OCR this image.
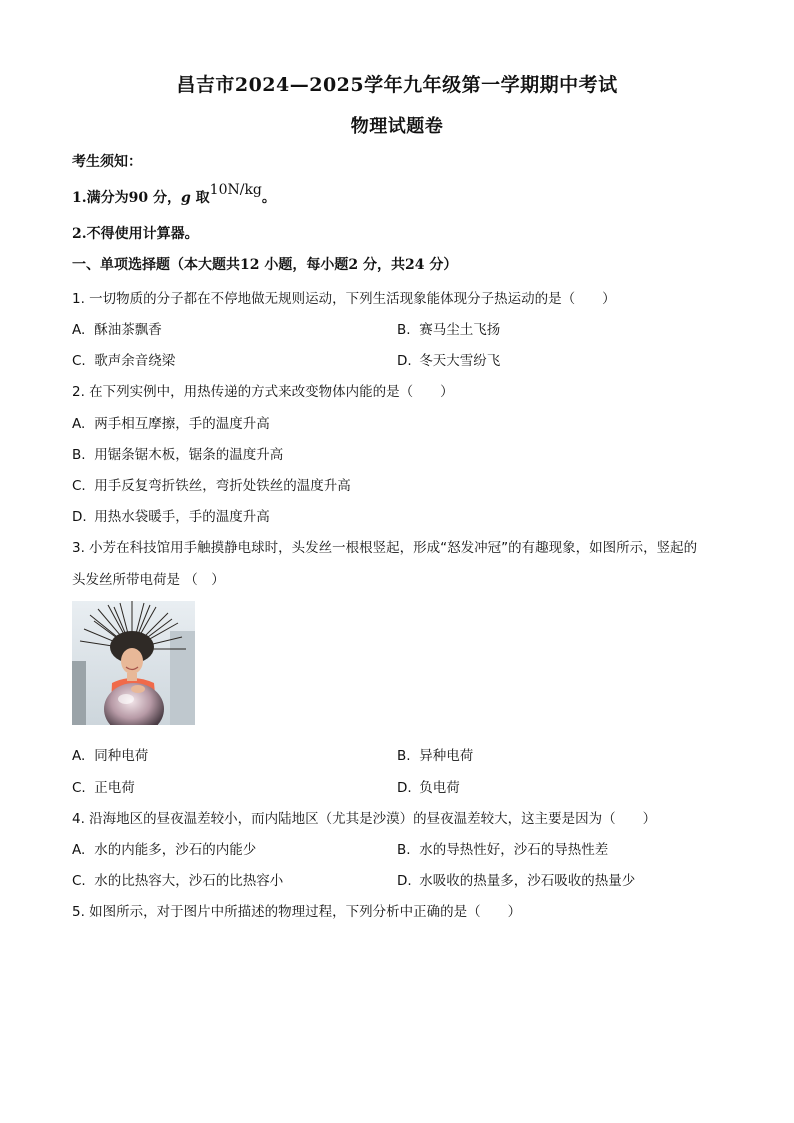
昌吉市2024—2025学年九年级第一学期期中考试
物理试题卷
考生须知：
1.满分为90 分，g 取10N/kg。
2.不得使用计算器。
一、单项选择题（本大题共12 小题，每小题2 分，共24 分）
1. 一切物质的分子都在不停地做无规则运动，下列生活现象能体现分子热运动的是（　　）
A. 酥油茶飘香	B. 赛马尘土飞扬
C. 歌声余音绕梁	D. 冬天大雪纷飞
2. 在下列实例中，用热传递的方式来改变物体内能的是（　　）
A. 两手相互摩擦，手的温度升高
B. 用锯条锯木板，锯条的温度升高
C. 用手反复弯折铁丝，弯折处铁丝的温度升高
D. 用热水袋暖手，手的温度升高
3. 小芳在科技馆用手触摸静电球时，头发丝一根根竖起，形成“怒发冲冠”的有趣现象，如图所示，竖起的
头发丝所带电荷是 （　）
A. 同种电荷	B. 异种电荷
C. 正电荷	D. 负电荷
4. 沿海地区的昼夜温差较小，而内陆地区（尤其是沙漠）的昼夜温差较大，这主要是因为（　　）
A. 水的内能多，沙石的内能少	B. 水的导热性好，沙石的导热性差
C. 水的比热容大，沙石的比热容小	D. 水吸收的热量多，沙石吸收的热量少
5. 如图所示，对于图片中所描述的物理过程，下列分析中正确的是（　　）
